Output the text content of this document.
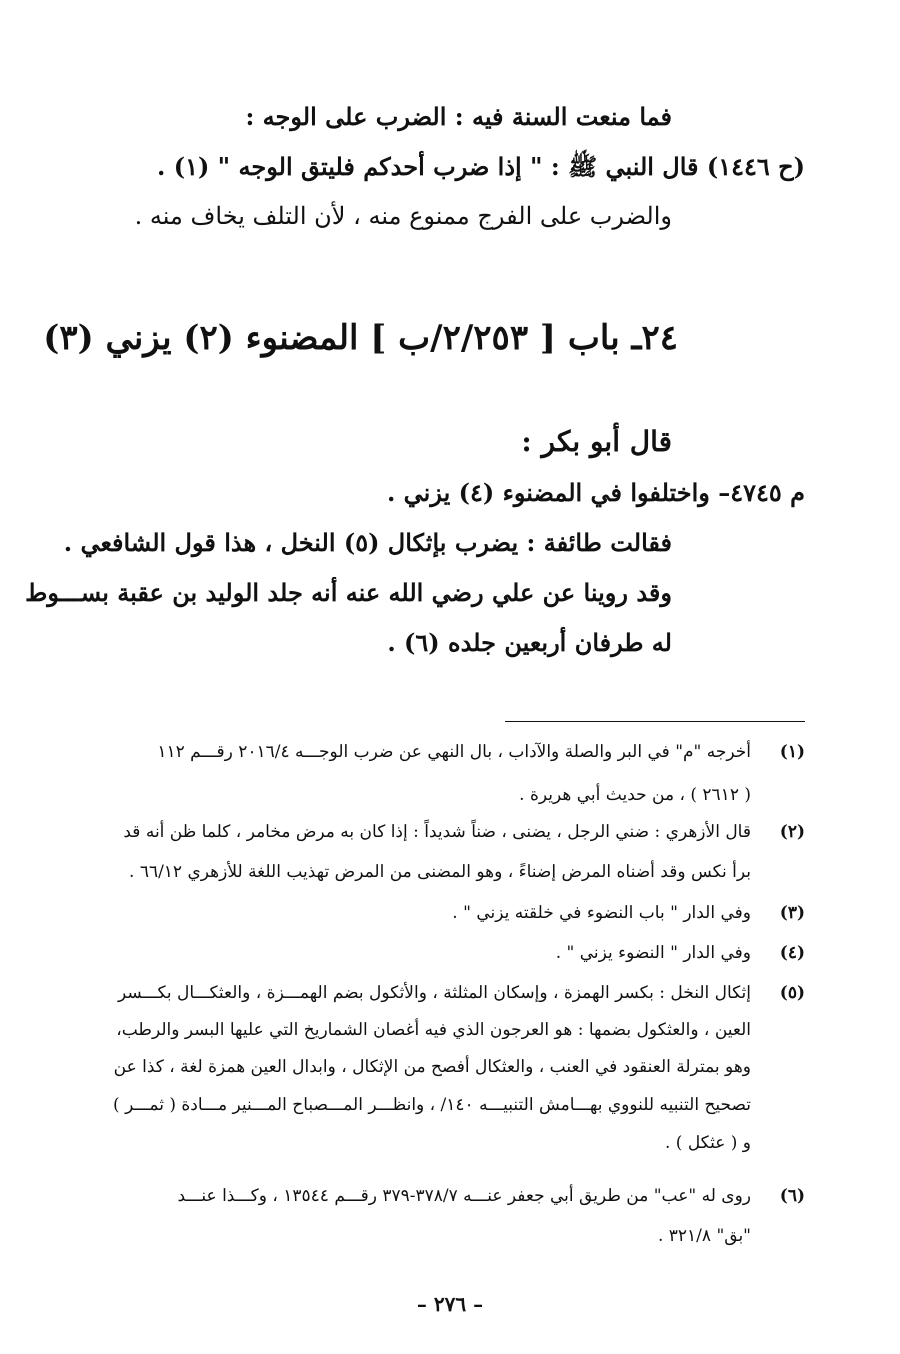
فما منعت السنة فيه : الضرب على الوجه :
(ح ١٤٤٦) قال النبي ﷺ : " إذا ضرب أحدكم فليتق الوجه " (١) .
والضرب على الفرج ممنوع منه ، لأن التلف يخاف منه .
٢٤ـ باب [ ٢/٢٥٣/ب ] المضنوء (٢) يزني (٣)
قال أبو بكر :
م ٤٧٤٥– واختلفوا في المضنوء (٤) يزني .
فقالت طائفة : يضرب بإثكال (٥) النخل ، هذا قول الشافعي .
وقد روينا عن علي رضي الله عنه أنه جلد الوليد بن عقبة بســـوط
له طرفان أربعين جلده (٦) .
(١)
أخرجه "م" في البر والصلة والآداب ، بال النهي عن ضرب الوجـــه ٢٠١٦/٤ رقـــم ١١٢
( ٢٦١٢ ) ، من حديث أبي هريرة .
(٢)
قال الأزهري : ضني الرجل ، يضنى ، ضناً شديداً : إذا كان به مرض مخامر ، كلما ظن أنه قد
برأ نكس وقد أضناه المرض إضناءً ، وهو المضنى من المرض تهذيب اللغة للأزهري ٦٦/١٢ .
(٣)
وفي الدار " باب النضوء في خلقته يزني " .
(٤)
وفي الدار " النضوء يزني " .
(٥)
إثكال النخل : بكسر الهمزة ، وإسكان المثلثة ، والأثكول بضم الهمـــزة ، والعثكـــال بكـــسر
العين ، والعثكول بضمها : هو العرجون الذي فيه أغصان الشماريخ التي عليها البسر والرطب،
وهو بمترلة العنقود في العنب ، والعثكال أفصح من الإثكال ، وابدال العين همزة لغة ، كذا عن
تصحيح التنبيه للنووي بهـــامش التنبيـــه ١٤٠/ ، وانظـــر المـــصباح المـــنير مـــادة ( ثمـــر )
و ( عثكل ) .
(٦)
روى له "عب" من طريق أبي جعفر عنـــه ٣٧٨/٧-٣٧٩ رقـــم ١٣٥٤٤ ، وكـــذا عنـــد
"بق" ٣٢١/٨ .
– ٢٧٦ –
